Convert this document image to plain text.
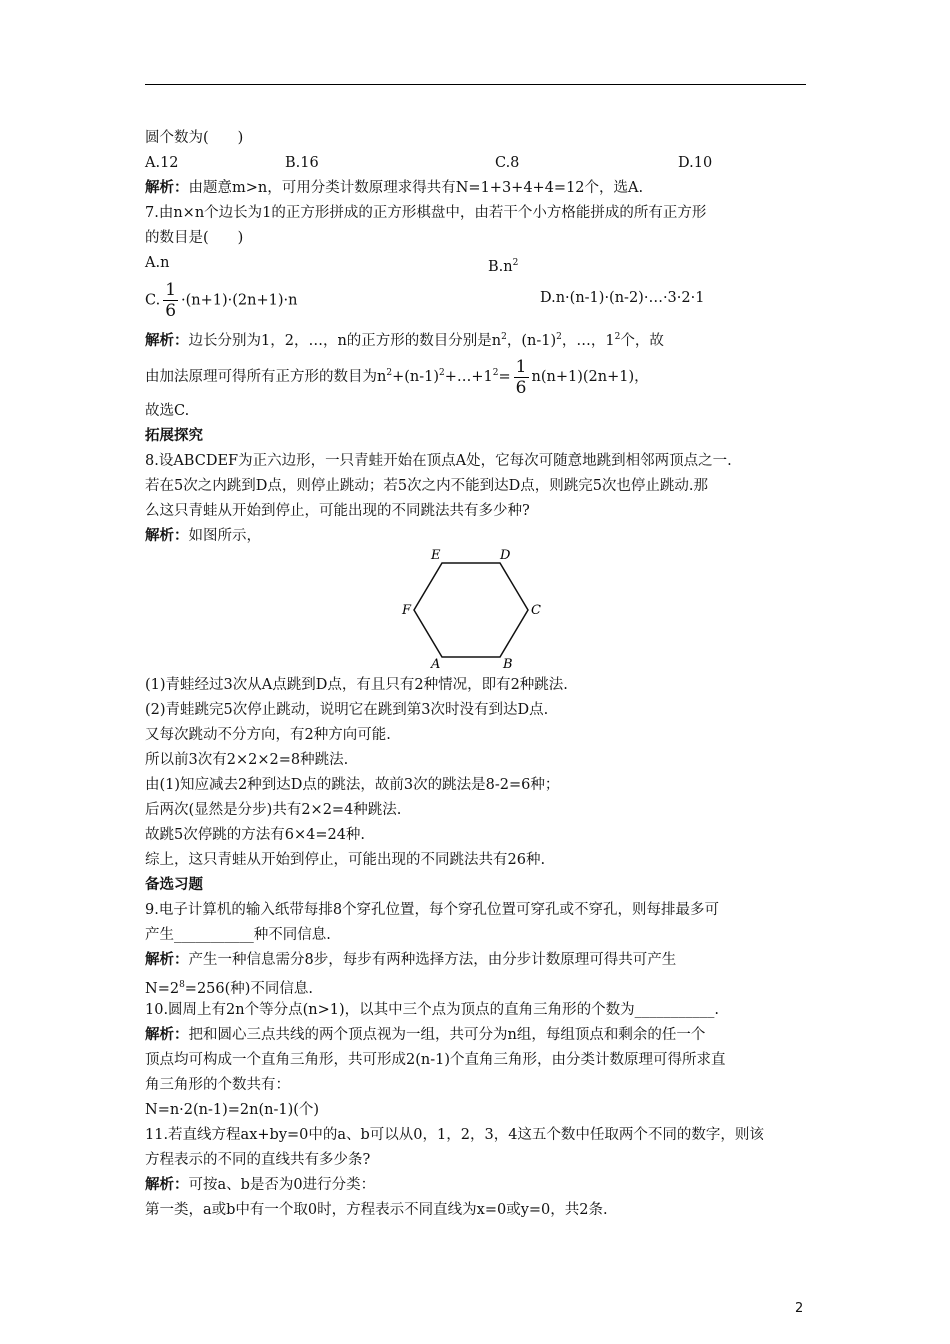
圆个数为(　　)
A.12	B.16	C.8	D.10
解析：由题意m>n，可用分类计数原理求得共有N=1+3+4+4=12个，选A.
7.由n×n个边长为1的正方形拼成的正方形棋盘中，由若干个小方格能拼成的所有正方形
的数目是(　　)
A.n	$B.n^2$
C. $\frac{1}{6} \cdot(n+1)\cdot(2n+1)\cdot n$	D.n·(n-1)·(n-2)·…·3·2·1
解析：边长分别为1，2，…，n的正方形的数目分别是$n^2$，$(n-1)^2$，…，$1^2$个，故
由加法原理可得所有正方形的数目为$n^2+(n-1)^2+\dots+1^2= \frac{1}{6} n(n+1)(2n+1)$，
故选C.
拓展探究
8.设ABCDEF为正六边形，一只青蛙开始在顶点A处，它每次可随意地跳到相邻两顶点之一.
若在5次之内跳到D点，则停止跳动；若5次之内不能到达D点，则跳完5次也停止跳动.那
么这只青蛙从开始到停止，可能出现的不同跳法共有多少种?
解析：如图所示，
E	D
F	C
A	B
(1)青蛙经过3次从A点跳到D点，有且只有2种情况，即有2种跳法.
(2)青蛙跳完5次停止跳动，说明它在跳到第3次时没有到达D点.
又每次跳动不分方向，有2种方向可能.
所以前3次有2×2×2=8种跳法.
由(1)知应减去2种到达D点的跳法，故前3次的跳法是8-2=6种；
后两次(显然是分步)共有2×2=4种跳法.
故跳5次停跳的方法有6×4=24种.
综上，这只青蛙从开始到停止，可能出现的不同跳法共有26种.
备选习题
9.电子计算机的输入纸带每排8个穿孔位置，每个穿孔位置可穿孔或不穿孔，则每排最多可
产生___________种不同信息.
解析：产生一种信息需分8步，每步有两种选择方法，由分步计数原理可得共可产生
$N=2^8=256$(种)不同信息.
10.圆周上有2n个等分点(n>1)，以其中三个点为顶点的直角三角形的个数为___________.
解析：把和圆心三点共线的两个顶点视为一组，共可分为n组，每组顶点和剩余的任一个
顶点均可构成一个直角三角形，共可形成2(n-1)个直角三角形，由分类计数原理可得所求直
角三角形的个数共有：
N=n·2(n-1)=2n(n-1)(个)
11.若直线方程ax+by=0中的a、b可以从0，1，2，3，4这五个数中任取两个不同的数字，则该
方程表示的不同的直线共有多少条?
解析：可按a、b是否为0进行分类：
第一类，a或b中有一个取0时，方程表示不同直线为x=0或y=0，共2条.
2
